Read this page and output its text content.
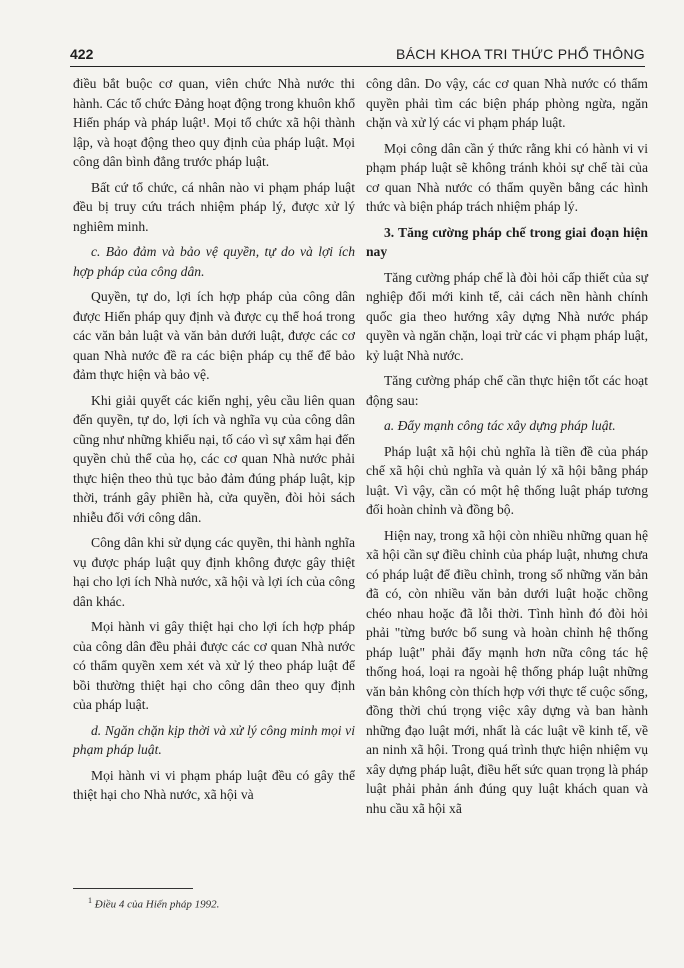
422	BÁCH KHOA TRI THỨC PHỔ THÔNG

điều bắt buộc cơ quan, viên chức Nhà nước thi hành. Các tổ chức Đảng hoạt động trong khuôn khổ Hiến pháp và pháp luật¹. Mọi tổ chức xã hội thành lập, và hoạt động theo quy định của pháp luật. Mọi công dân bình đẳng trước pháp luật.

Bất cứ tổ chức, cá nhân nào vi phạm pháp luật đều bị truy cứu trách nhiệm pháp lý, được xử lý nghiêm minh.

c. Bảo đảm và bảo vệ quyền, tự do và lợi ích hợp pháp của công dân.

Quyền, tự do, lợi ích hợp pháp của công dân được Hiến pháp quy định và được cụ thể hoá trong các văn bản luật và văn bản dưới luật, được các cơ quan Nhà nước đề ra các biện pháp cụ thể để bảo đảm thực hiện và bảo vệ.

Khi giải quyết các kiến nghị, yêu cầu liên quan đến quyền, tự do, lợi ích và nghĩa vụ của công dân cũng như những khiếu nại, tố cáo vì sự xâm hại đến quyền chủ thể của họ, các cơ quan Nhà nước phải thực hiện theo thủ tục bảo đảm đúng pháp luật, kịp thời, tránh gây phiền hà, cửa quyền, đòi hỏi sách nhiễu đối với công dân.

Công dân khi sử dụng các quyền, thi hành nghĩa vụ được pháp luật quy định không được gây thiệt hại cho lợi ích Nhà nước, xã hội và lợi ích của công dân khác.

Mọi hành vi gây thiệt hại cho lợi ích hợp pháp của công dân đều phải được các cơ quan Nhà nước có thẩm quyền xem xét và xử lý theo pháp luật để bồi thường thiệt hại cho công dân theo quy định của pháp luật.

d. Ngăn chặn kịp thời và xử lý công minh mọi vi phạm pháp luật.

Mọi hành vi vi phạm pháp luật đều có gây thể thiệt hại cho Nhà nước, xã hội và

công dân. Do vậy, các cơ quan Nhà nước có thẩm quyền phải tìm các biện pháp phòng ngừa, ngăn chặn và xử lý các vi phạm pháp luật.

Mọi công dân cần ý thức rằng khi có hành vi vi phạm pháp luật sẽ không tránh khỏi sự chế tài của cơ quan Nhà nước có thẩm quyền bằng các hình thức và biện pháp trách nhiệm pháp lý.

3. Tăng cường pháp chế trong giai đoạn hiện nay

Tăng cường pháp chế là đòi hỏi cấp thiết của sự nghiệp đổi mới kinh tế, cải cách nền hành chính quốc gia theo hướng xây dựng Nhà nước pháp quyền và ngăn chặn, loại trừ các vi phạm pháp luật, kỷ luật Nhà nước.

Tăng cường pháp chế cần thực hiện tốt các hoạt động sau:

a. Đẩy mạnh công tác xây dựng pháp luật.

Pháp luật xã hội chủ nghĩa là tiền đề của pháp chế xã hội chủ nghĩa và quản lý xã hội bằng pháp luật. Vì vậy, cần có một hệ thống luật pháp tương đối hoàn chỉnh và đồng bộ.

Hiện nay, trong xã hội còn nhiều những quan hệ xã hội cần sự điều chỉnh của pháp luật, nhưng chưa có pháp luật để điều chỉnh, trong số những văn bản đã có, còn nhiều văn bản dưới luật hoặc chồng chéo nhau hoặc đã lỗi thời. Tình hình đó đòi hỏi phải "từng bước bổ sung và hoàn chỉnh hệ thống pháp luật" phải đẩy mạnh hơn nữa công tác hệ thống hoá, loại ra ngoài hệ thống pháp luật những văn bản không còn thích hợp với thực tế cuộc sống, đồng thời chú trọng việc xây dựng và ban hành những đạo luật mới, nhất là các luật về kinh tế, về an ninh xã hội. Trong quá trình thực hiện nhiệm vụ xây dựng pháp luật, điều hết sức quan trọng là pháp luật phải phản ánh đúng quy luật khách quan và nhu cầu xã hội xã

$^1$ Điều 4 của Hiến pháp 1992.
